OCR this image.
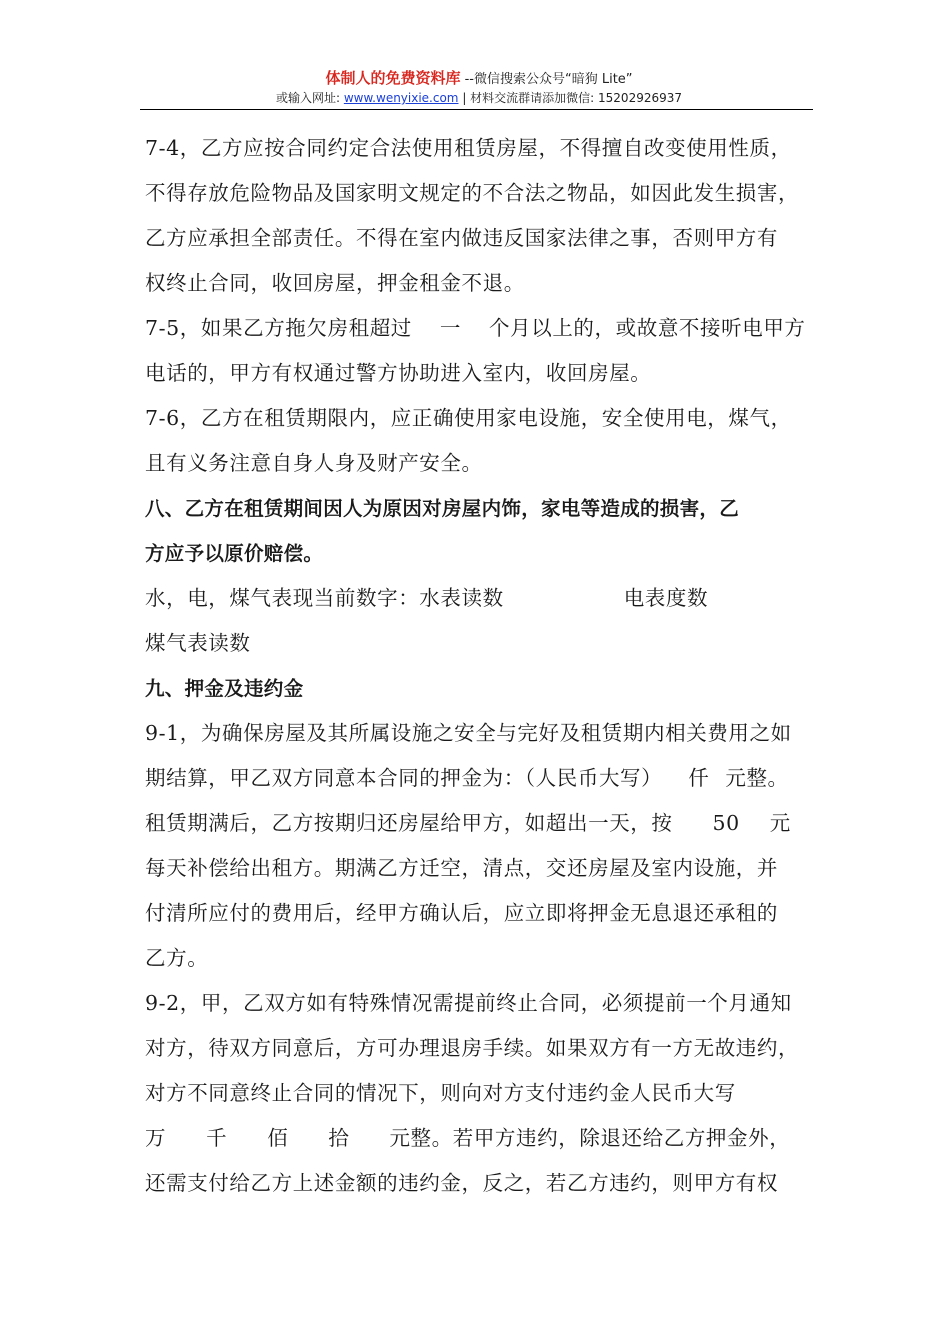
体制人的免费资料库 --微信搜索公众号“暗狗 Lite”
或输入网址: www.wenyixie.com | 材料交流群请添加微信: 15202926937
7-4，乙方应按合同约定合法使用租赁房屋，不得擅自改变使用性质，
不得存放危险物品及国家明文规定的不合法之物品，如因此发生损害，
乙方应承担全部责任。不得在室内做违反国家法律之事，否则甲方有
权终止合同，收回房屋，押金租金不退。
7-5，如果乙方拖欠房租超过 一 个月以上的，或故意不接听电甲方
电话的，甲方有权通过警方协助进入室内，收回房屋。
7-6，乙方在租赁期限内，应正确使用家电设施，安全使用电，煤气，
且有义务注意自身人身及财产安全。
八、乙方在租赁期间因人为原因对房屋内饰，家电等造成的损害，乙
方应予以原价赔偿。
水，电，煤气表现当前数字：水表读数	电表度数
煤气表读数
九、押金及违约金
9-1，为确保房屋及其所属设施之安全与完好及租赁期内相关费用之如
期结算，甲乙双方同意本合同的押金为：（人民币大写） 仟 元整。
租赁期满后，乙方按期归还房屋给甲方，如超出一天，按 50 元
每天补偿给出租方。期满乙方迁空，清点，交还房屋及室内设施，并
付清所应付的费用后，经甲方确认后，应立即将押金无息退还承租的
乙方。
9-2，甲，乙双方如有特殊情况需提前终止合同，必须提前一个月通知
对方，待双方同意后，方可办理退房手续。如果双方有一方无故违约，
对方不同意终止合同的情况下，则向对方支付违约金人民币大写
万 千 佰 拾 元整。若甲方违约，除退还给乙方押金外，
还需支付给乙方上述金额的违约金，反之，若乙方违约，则甲方有权
